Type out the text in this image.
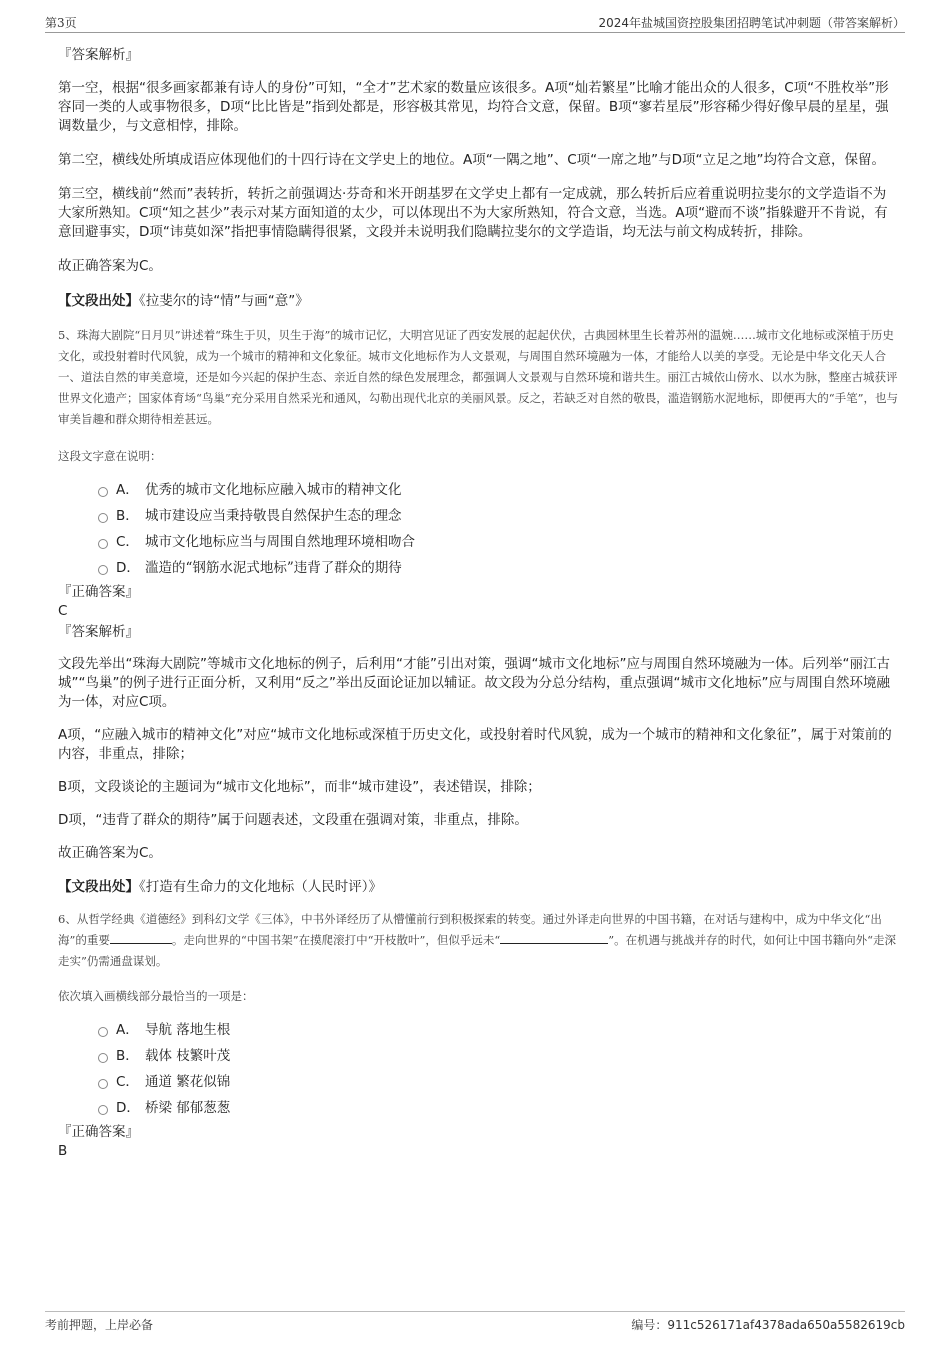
第3页	2024年盐城国资控股集团招聘笔试冲刺题（带答案解析）
『答案解析』

第一空，根据“很多画家都兼有诗人的身份”可知，“全才”艺术家的数量应该很多。A项“灿若繁星”比喻才能出众的人很多，C项“不胜枚举”形容同一类的人或事物很多，D项“比比皆是”指到处都是，形容极其常见，均符合文意，保留。B项“寥若星辰”形容稀少得好像早晨的星星，强调数量少，与文意相悖，排除。

第二空，横线处所填成语应体现他们的十四行诗在文学史上的地位。A项“一隅之地”、C项“一席之地”与D项“立足之地”均符合文意，保留。

第三空，横线前“然而”表转折，转折之前强调达·芬奇和米开朗基罗在文学史上都有一定成就，那么转折后应着重说明拉斐尔的文学造诣不为大家所熟知。C项“知之甚少”表示对某方面知道的太少，可以体现出不为大家所熟知，符合文意，当选。A项“避而不谈”指躲避开不肯说，有意回避事实，D项“讳莫如深”指把事情隐瞒得很紧，文段并未说明我们隐瞒拉斐尔的文学造诣，均无法与前文构成转折，排除。

故正确答案为C。

【文段出处】《拉斐尔的诗“情”与画“意”》

5、珠海大剧院“日月贝”讲述着“珠生于贝，贝生于海”的城市记忆，大明宫见证了西安发展的起起伏伏，古典园林里生长着苏州的温婉……城市文化地标或深植于历史文化，或投射着时代风貌，成为一个城市的精神和文化象征。城市文化地标作为人文景观，与周围自然环境融为一体，才能给人以美的享受。无论是中华文化天人合一、道法自然的审美意境，还是如今兴起的保护生态、亲近自然的绿色发展理念，都强调人文景观与自然环境和谐共生。丽江古城依山傍水、以水为脉，整座古城获评世界文化遗产；国家体育场“鸟巢”充分采用自然采光和通风，勾勒出现代北京的美丽风景。反之，若缺乏对自然的敬畏，滥造钢筋水泥地标，即便再大的“手笔”，也与审美旨趣和群众期待相差甚远。

这段文字意在说明：

A． 优秀的城市文化地标应融入城市的精神文化
B． 城市建设应当秉持敬畏自然保护生态的理念
C． 城市文化地标应当与周围自然地理环境相吻合
D． 滥造的“钢筋水泥式地标”违背了群众的期待
『正确答案』
C
『答案解析』

文段先举出“珠海大剧院”等城市文化地标的例子，后利用“才能”引出对策，强调“城市文化地标”应与周围自然环境融为一体。后列举“丽江古城”“鸟巢”的例子进行正面分析，又利用“反之”举出反面论证加以辅证。故文段为分总分结构，重点强调“城市文化地标”应与周围自然环境融为一体，对应C项。

A项，“应融入城市的精神文化”对应“城市文化地标或深植于历史文化，或投射着时代风貌，成为一个城市的精神和文化象征”，属于对策前的内容，非重点，排除；

B项，文段谈论的主题词为“城市文化地标”，而非“城市建设”，表述错误，排除；

D项，“违背了群众的期待”属于问题表述，文段重在强调对策，非重点，排除。

故正确答案为C。

【文段出处】《打造有生命力的文化地标（人民时评）》

6、从哲学经典《道德经》到科幻文学《三体》，中书外译经历了从懵懂前行到积极探索的转变。通过外译走向世界的中国书籍，在对话与建构中，成为中华文化“出海”的重要	。走向世界的“中国书架”在摸爬滚打中“开枝散叶”，但似乎远未“	”。在机遇与挑战并存的时代，如何让中国书籍向外“走深走实”仍需通盘谋划。

依次填入画横线部分最恰当的一项是：

A． 导航 落地生根
B． 载体 枝繁叶茂
C． 通道 繁花似锦
D． 桥梁 郁郁葱葱
『正确答案』
B
考前押题，上岸必备	编号：911c526171af4378ada650a5582619cb
